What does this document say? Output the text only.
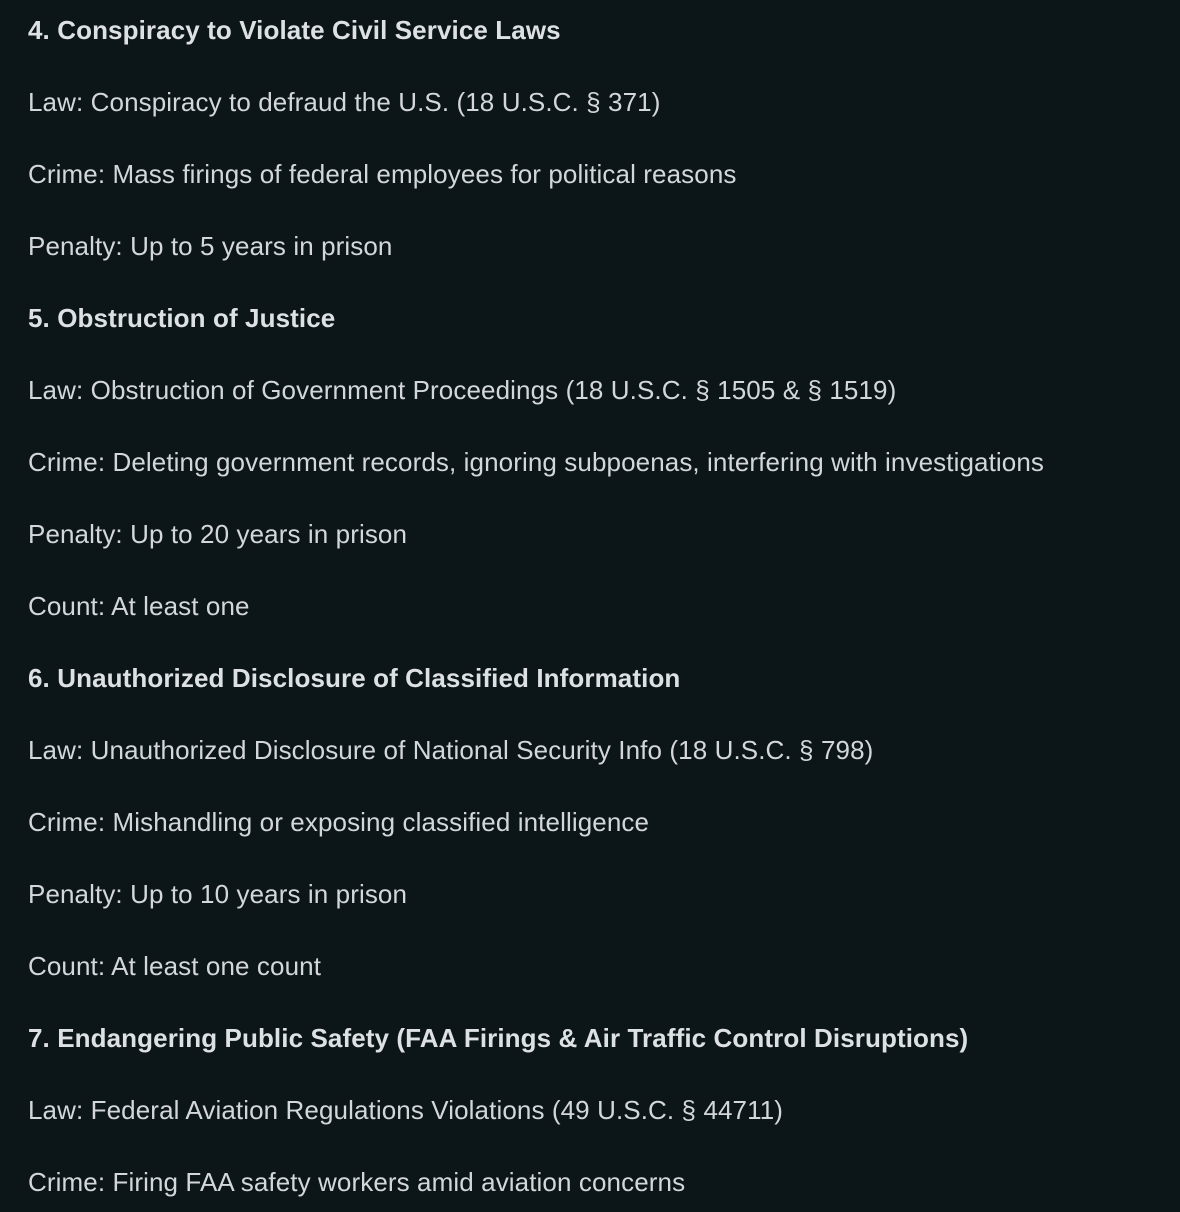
4. Conspiracy to Violate Civil Service Laws
Law: Conspiracy to defraud the U.S. (18 U.S.C. § 371)
Crime: Mass firings of federal employees for political reasons
Penalty: Up to 5 years in prison
5. Obstruction of Justice
Law: Obstruction of Government Proceedings (18 U.S.C. § 1505 & § 1519)
Crime: Deleting government records, ignoring subpoenas, interfering with investigations
Penalty: Up to 20 years in prison
Count: At least one
6. Unauthorized Disclosure of Classified Information
Law: Unauthorized Disclosure of National Security Info (18 U.S.C. § 798)
Crime: Mishandling or exposing classified intelligence
Penalty: Up to 10 years in prison
Count: At least one count
7. Endangering Public Safety (FAA Firings & Air Traffic Control Disruptions)
Law: Federal Aviation Regulations Violations (49 U.S.C. § 44711)
Crime: Firing FAA safety workers amid aviation concerns
